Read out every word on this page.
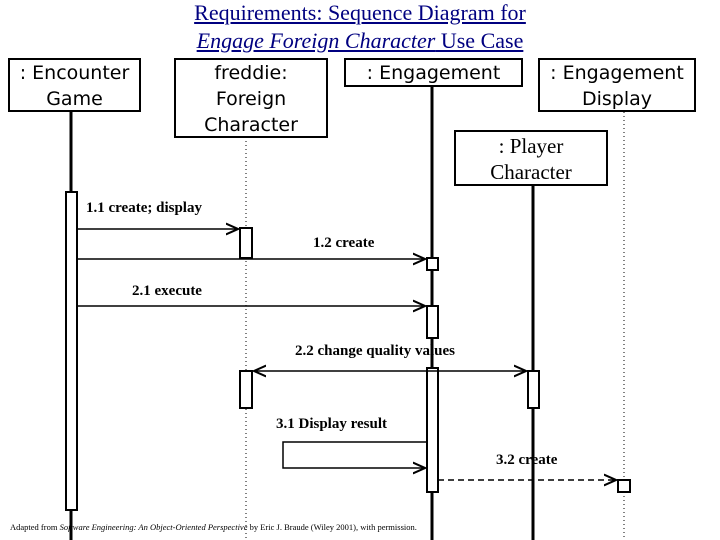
Requirements: Sequence Diagram for
Engage Foreign Character Use Case
: Encounter
Game
freddie:
Foreign
Character
: Engagement	: Engagement
Display
: Player
Character
1.1 create; display
1.2 create
2.1 execute
2.2 change quality values
3.1 Display result
3.2 create
Adapted from Software Engineering: An Object-Oriented Perspective by Eric J. Braude (Wiley 2001), with permission.
